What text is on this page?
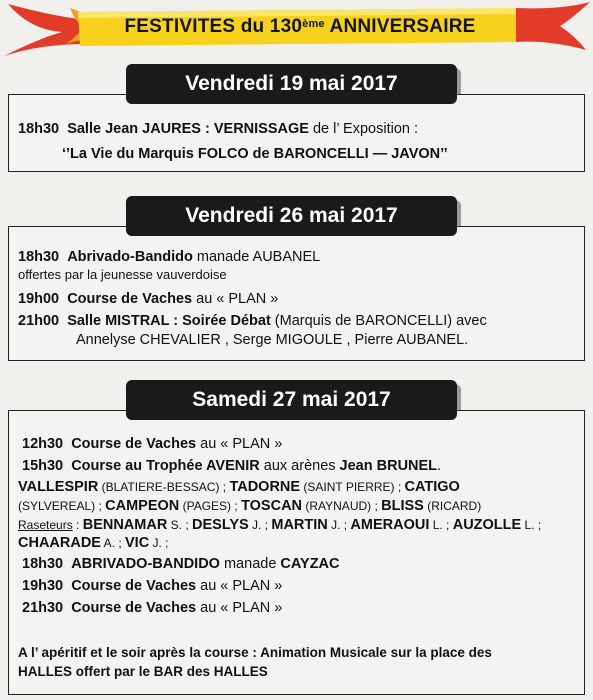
FESTIVITES du 130ème ANNIVERSAIRE
Vendredi 19 mai 2017
18h30 Salle Jean JAURES : VERNISSAGE de l’ Exposition :
‘’La Vie du Marquis FOLCO de BARONCELLI — JAVON’’
Vendredi 26 mai 2017
18h30 Abrivado-Bandido manade AUBANEL
offertes par la jeunesse vauverdoise
19h00 Course de Vaches au « PLAN »
21h00 Salle MISTRAL : Soirée Débat (Marquis de BARONCELLI) avec
Annelyse CHEVALIER , Serge MIGOULE , Pierre AUBANEL.
Samedi 27 mai 2017
12h30 Course de Vaches au « PLAN »
15h30 Course au Trophée AVENIR aux arènes Jean BRUNEL.
VALLESPIR (BLATIERE-BESSAC) ; TADORNE (SAINT PIERRE) ; CATIGO
(SYLVEREAL) ; CAMPEON (PAGES) ; TOSCAN (RAYNAUD) ; BLISS (RICARD)
Raseteurs : BENNAMAR S. ; DESLYS J. ; MARTIN J. ; AMERAOUI L. ; AUZOLLE L. ;
CHAARADE A. ; VIC J. ;
18h30 ABRIVADO-BANDIDO manade CAYZAC
19h30 Course de Vaches au « PLAN »
21h30 Course de Vaches au « PLAN »
A l’ apéritif et le soir après la course : Animation Musicale sur la place des
HALLES offert par le BAR des HALLES
